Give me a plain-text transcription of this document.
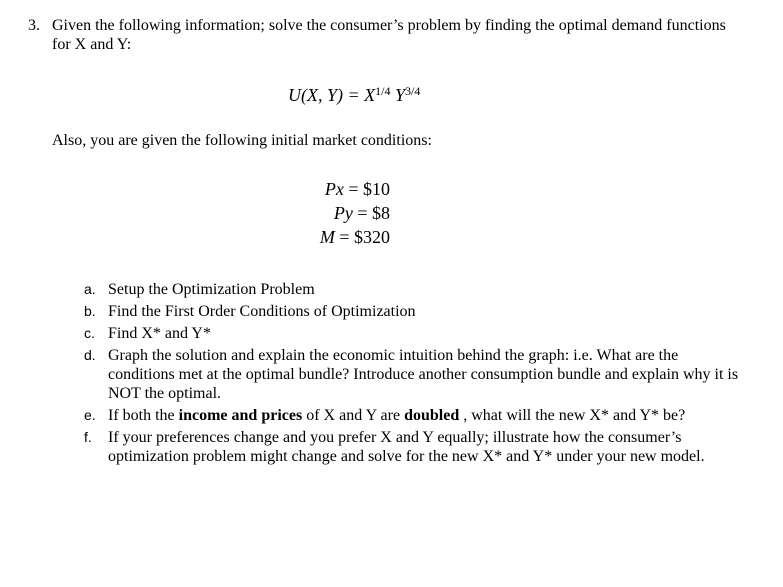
3. Given the following information; solve the consumer’s problem by finding the optimal demand functions for X and Y:
U(X, $Y) = X^{1/4}$ $Y^{3/4}$
Also, you are given the following initial market conditions:
Px = $10
Py = $8
M = $320
a. Setup the Optimization Problem
b. Find the First Order Conditions of Optimization
c. Find X* and Y*
d. Graph the solution and explain the economic intuition behind the graph: i.e. What are the conditions met at the optimal bundle? Introduce another consumption bundle and explain why it is NOT the optimal.
e. If both the income and prices of X and Y are doubled , what will the new X* and Y* be?
f. If your preferences change and you prefer X and Y equally; illustrate how the consumer’s optimization problem might change and solve for the new X* and Y* under your new model.
